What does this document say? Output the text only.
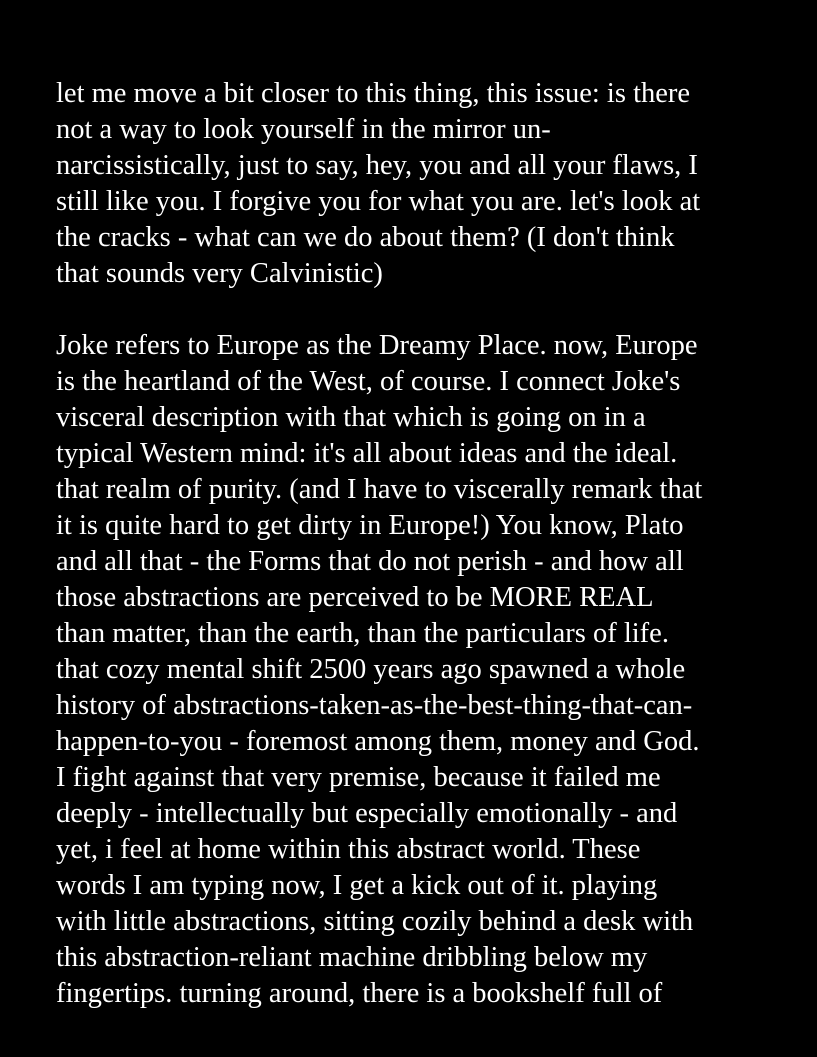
let me move a bit closer to this thing, this issue: is there
not a way to look yourself in the mirror un-
narcissistically, just to say, hey, you and all your flaws, I
still like you. I forgive you for what you are. let's look at
the cracks - what can we do about them? (I don't think
that sounds very Calvinistic)
Joke refers to Europe as the Dreamy Place. now, Europe
is the heartland of the West, of course. I connect Joke's
visceral description with that which is going on in a
typical Western mind: it's all about ideas and the ideal.
that realm of purity. (and I have to viscerally remark that
it is quite hard to get dirty in Europe!) You know, Plato
and all that - the Forms that do not perish - and how all
those abstractions are perceived to be MORE REAL
than matter, than the earth, than the particulars of life.
that cozy mental shift 2500 years ago spawned a whole
history of abstractions-taken-as-the-best-thing-that-can-
happen-to-you - foremost among them, money and God.
I fight against that very premise, because it failed me
deeply - intellectually but especially emotionally - and
yet, i feel at home within this abstract world. These
words I am typing now, I get a kick out of it. playing
with little abstractions, sitting cozily behind a desk with
this abstraction-reliant machine dribbling below my
fingertips. turning around, there is a bookshelf full of
